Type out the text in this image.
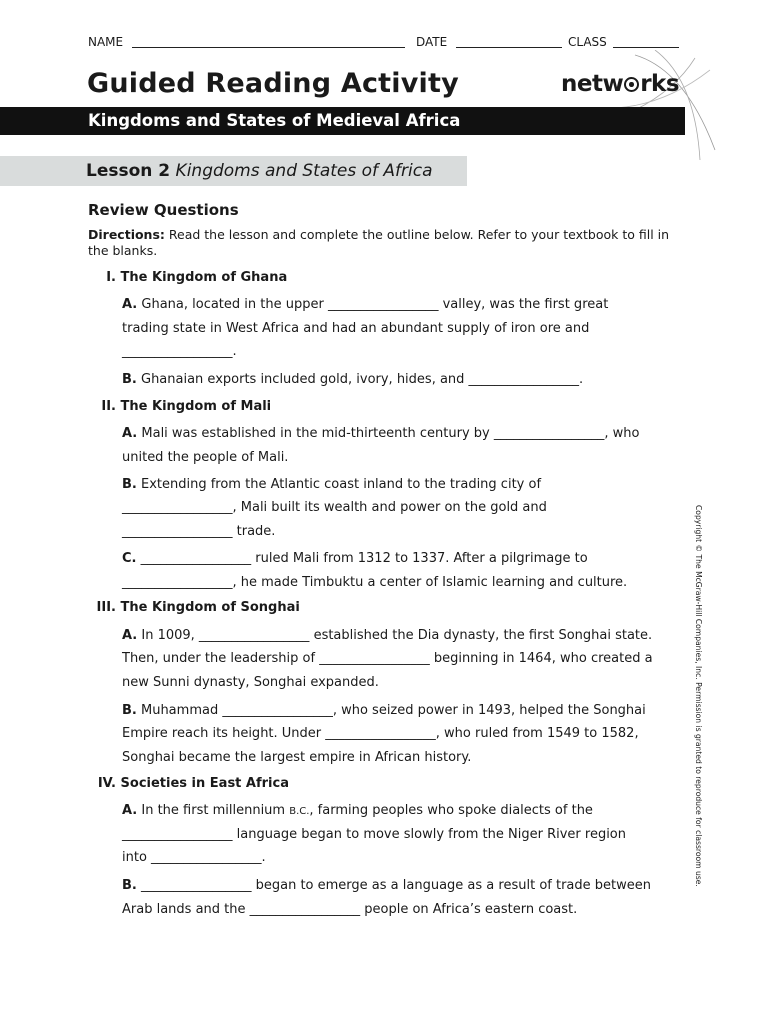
NAME	DATE	CLASS
Guided Reading Activity	netw rks
Kingdoms and States of Medieval Africa
Lesson 2 Kingdoms and States of Africa
Review Questions
Directions: Read the lesson and complete the outline below. Refer to your textbook to fill in the blanks.
I. The Kingdom of Ghana
A. Ghana, located in the upper _________________ valley, was the first great
trading state in West Africa and had an abundant supply of iron ore and
_________________.
B. Ghanaian exports included gold, ivory, hides, and _________________.
II. The Kingdom of Mali
A. Mali was established in the mid-thirteenth century by _________________, who
united the people of Mali.
B. Extending from the Atlantic coast inland to the trading city of
_________________, Mali built its wealth and power on the gold and
_________________ trade.
C. _________________ ruled Mali from 1312 to 1337. After a pilgrimage to
_________________, he made Timbuktu a center of Islamic learning and culture.
III. The Kingdom of Songhai
A. In 1009, _________________ established the Dia dynasty, the first Songhai state.
Then, under the leadership of _________________ beginning in 1464, who created a
new Sunni dynasty, Songhai expanded.
B. Muhammad _________________, who seized power in 1493, helped the Songhai
Empire reach its height. Under _________________, who ruled from 1549 to 1582,
Songhai became the largest empire in African history.
IV. Societies in East Africa
A. In the first millennium B.C., farming peoples who spoke dialects of the
_________________ language began to move slowly from the Niger River region
into _________________.
B. _________________ began to emerge as a language as a result of trade between
Arab lands and the _________________ people on Africa’s eastern coast.
Copyright © The McGraw-Hill Companies, Inc. Permission is granted to reproduce for classroom use.
